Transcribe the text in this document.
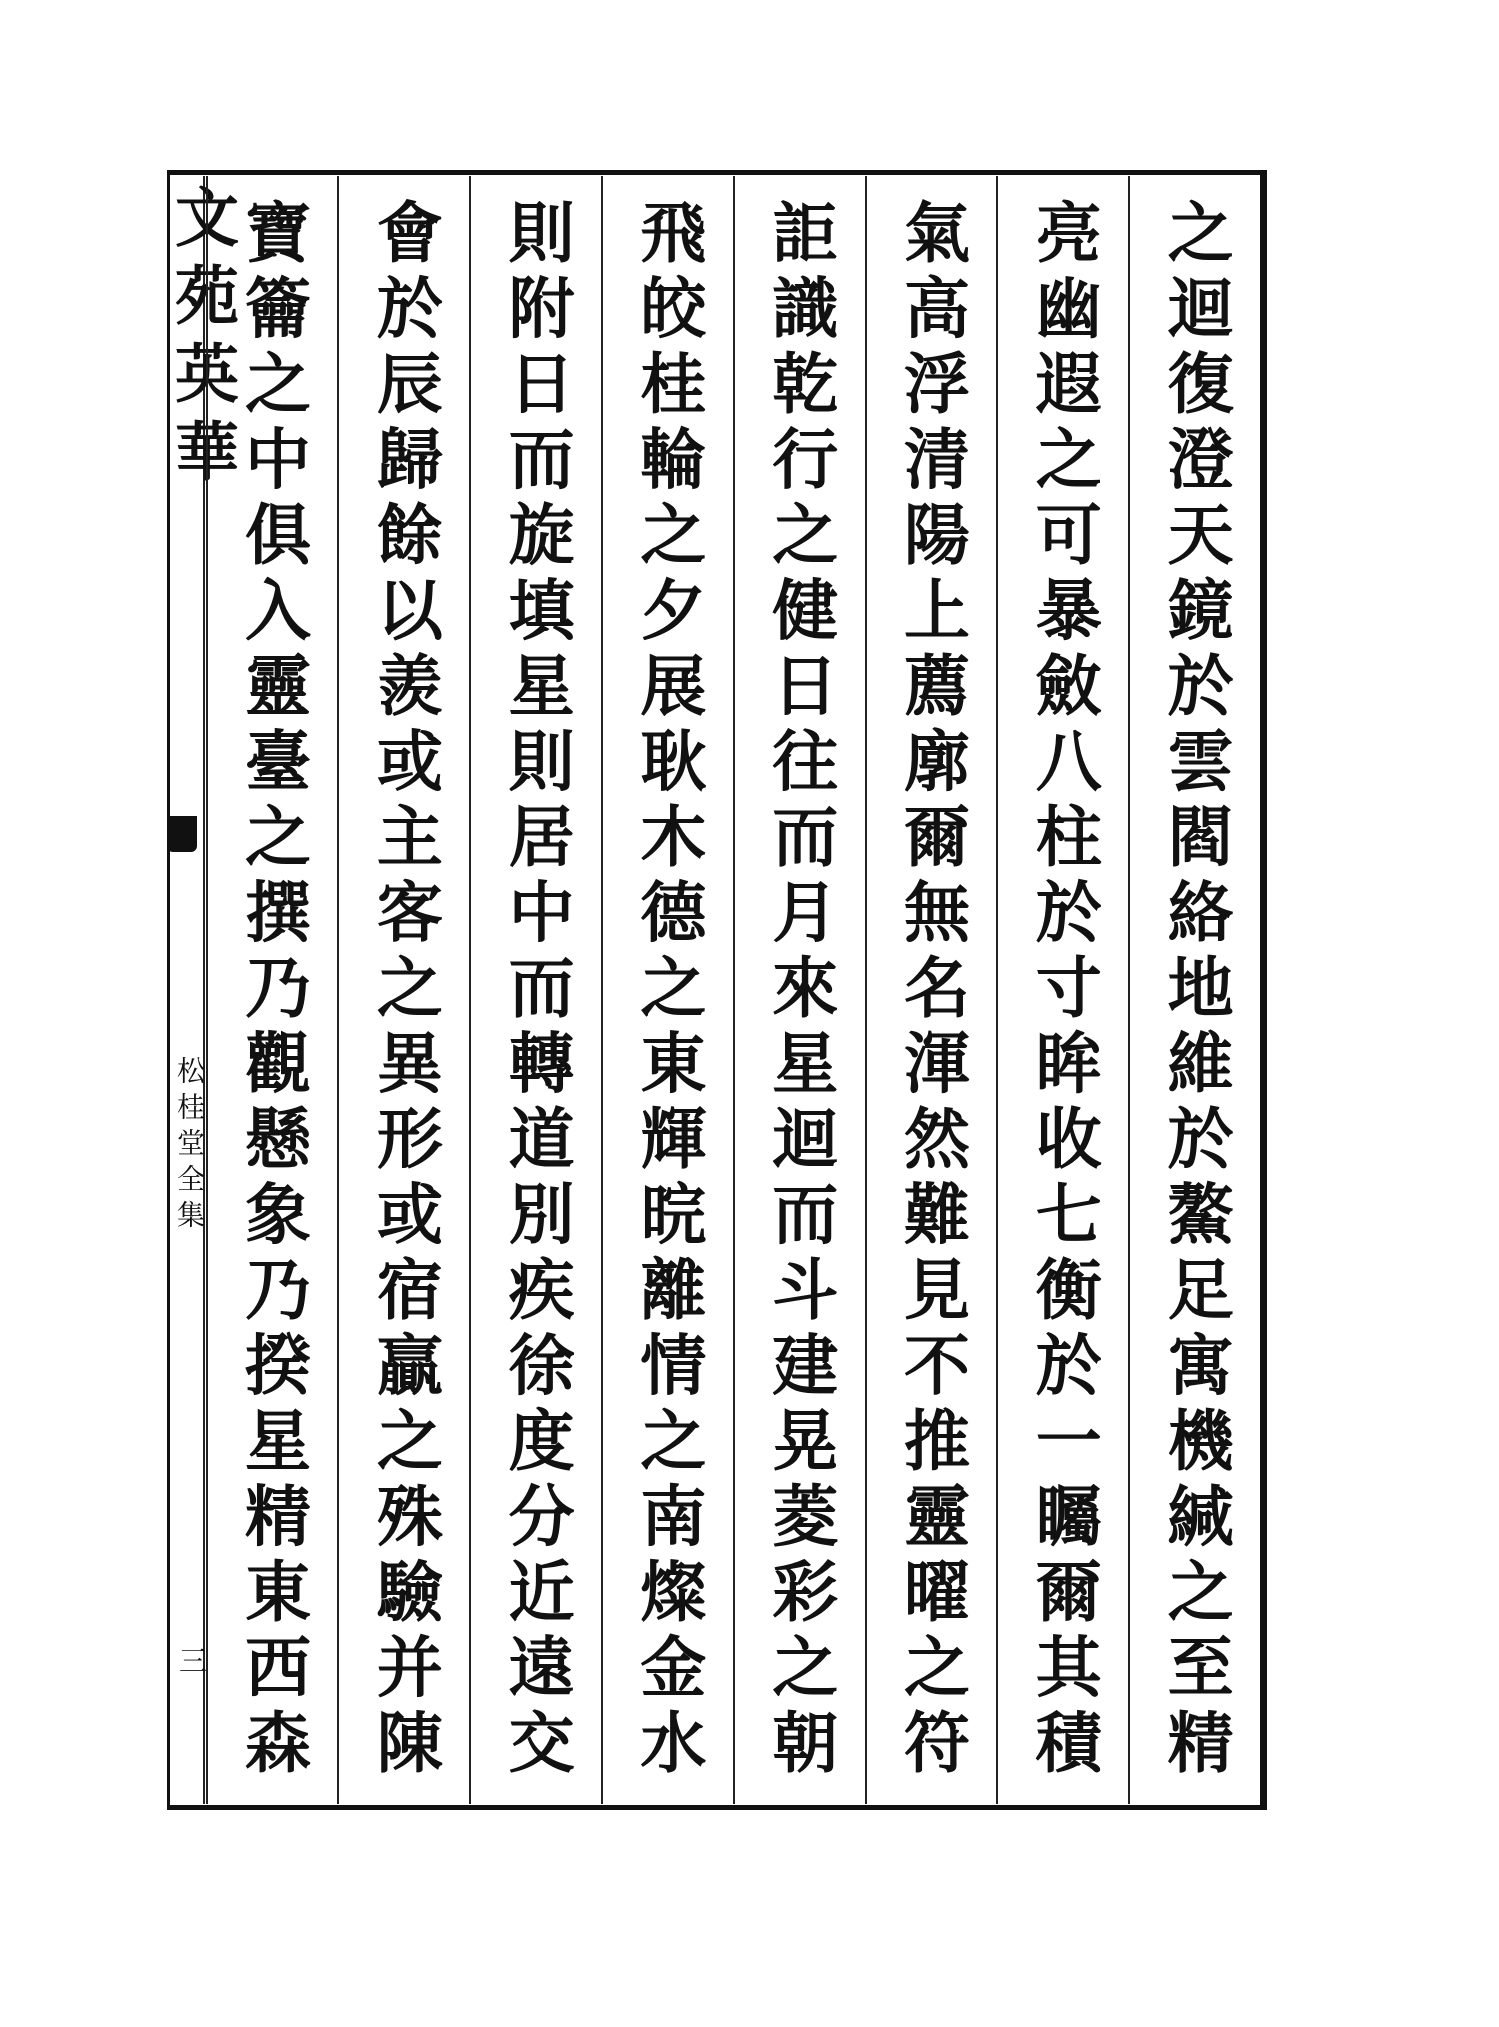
文苑英華
松桂堂全集
三	之迴復澄天鏡於雲閻絡地維於鰲足寓機緘之至精
亮幽遐之可暴斂八柱於寸眸收七衡於一矚爾其積
氣高浮清陽上薦廓爾無名渾然難見不推靈曜之符
詎識乾行之健日往而月來星迴而斗建晃菱彩之朝
飛皎桂輪之夕展耿木德之東輝晥離情之南燦金水
則附日而旋填星則居中而轉道別疾徐度分近遠交
會於辰歸餘以羨或主客之異形或宿贏之殊驗并陳
寶籥之中俱入靈臺之撰乃觀懸象乃揆星精東西森
